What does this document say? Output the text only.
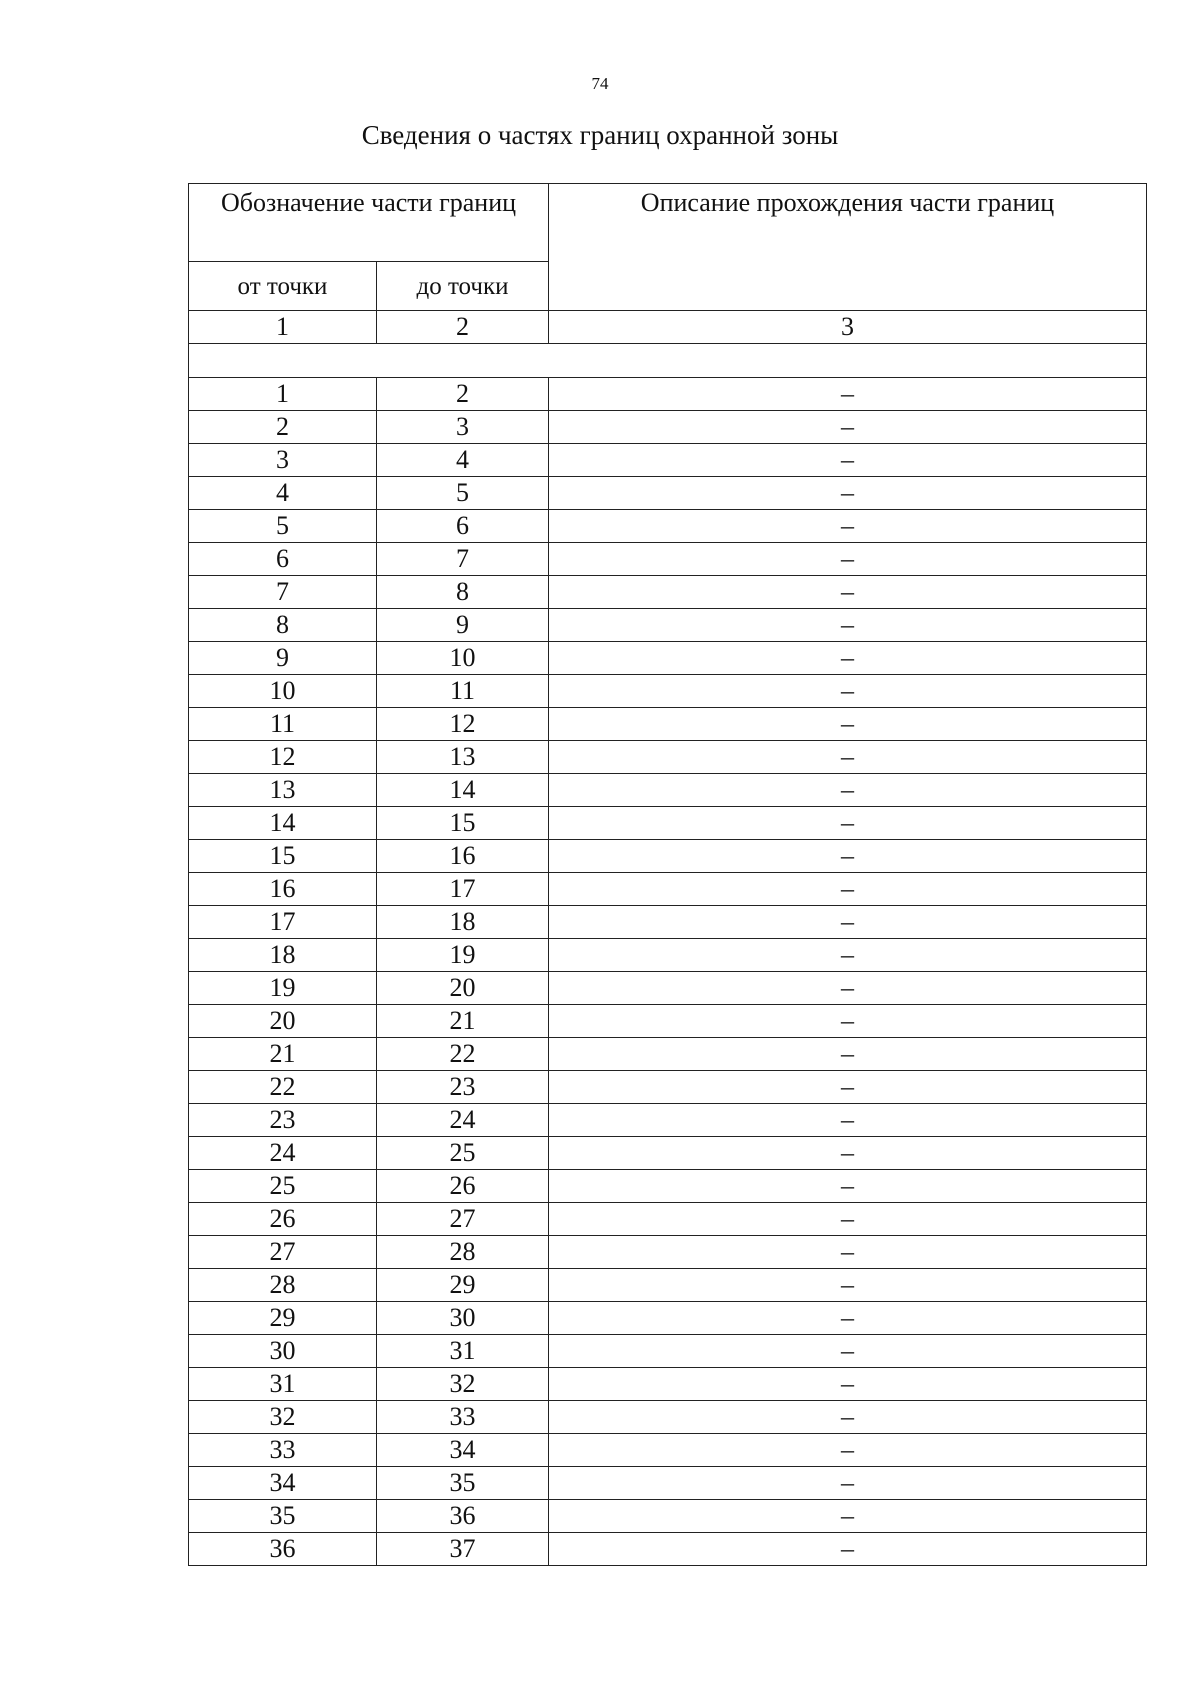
74
Сведения о частях границ охранной зоны
Обозначение части границ		Описание прохождения части границ
от точки	до точки	
1	2	3

1	2	–
2	3	–
3	4	–
4	5	–
5	6	–
6	7	–
7	8	–
8	9	–
9	10	–
10	11	–
11	12	–
12	13	–
13	14	–
14	15	–
15	16	–
16	17	–
17	18	–
18	19	–
19	20	–
20	21	–
21	22	–
22	23	–
23	24	–
24	25	–
25	26	–
26	27	–
27	28	–
28	29	–
29	30	–
30	31	–
31	32	–
32	33	–
33	34	–
34	35	–
35	36	–
36	37	–
